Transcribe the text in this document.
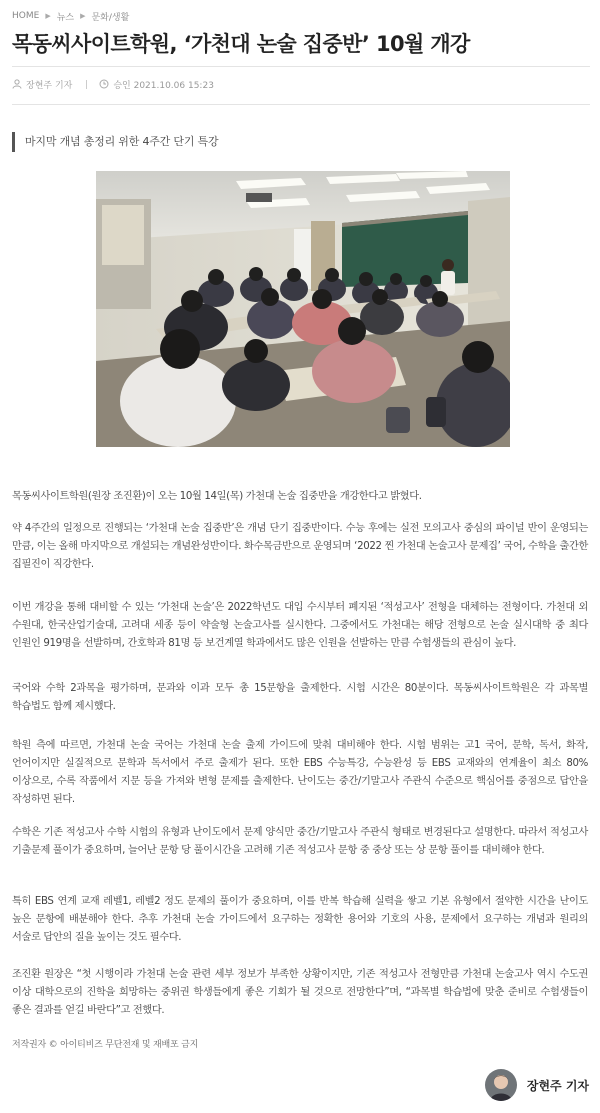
HOME ▶ 뉴스 ▶ 문화/생활
목동씨사이트학원, ‘가천대 논술 집중반’ 10월 개강
장현주 기자	승인 2021.10.06 15:23
마지막 개념 총정리 위한 4주간 단기 특강

목동씨사이트학원(원장 조진환)이 오는 10월 14일(목) 가천대 논술 집중반을 개강한다고 밝혔다.

약 4주간의 일정으로 진행되는 ‘가천대 논술 집중반’은 개념 단기 집중반이다. 수능 후에는 실전 모의고사 중심의 파이널 반이 운영되는 만큼, 이는 올해 마지막으로 개설되는 개념완성반이다. 화수목금반으로 운영되며 ‘2022 찐 가천대 논술고사 문제집’ 국어, 수학을 출간한 집필진이 직강한다.

이번 개강을 통해 대비할 수 있는 ‘가천대 논술’은 2022학년도 대입 수시부터 폐지된 ‘적성고사’ 전형을 대체하는 전형이다. 가천대 외 수원대, 한국산업기술대, 고려대 세종 등이 약술형 논술고사를 실시한다. 그중에서도 가천대는 해당 전형으로 논술 실시대학 중 최다 인원인 919명을 선발하며, 간호학과 81명 등 보건계열 학과에서도 많은 인원을 선발하는 만큼 수험생들의 관심이 높다.

국어와 수학 2과목을 평가하며, 문과와 이과 모두 총 15문항을 출제한다. 시험 시간은 80분이다. 목동씨사이트학원은 각 과목별 학습법도 함께 제시했다.

학원 측에 따르면, 가천대 논술 국어는 가천대 논술 출제 가이드에 맞춰 대비해야 한다. 시험 범위는 고1 국어, 문학, 독서, 화작, 언어이지만 실질적으로 문학과 독서에서 주로 출제가 된다. 또한 EBS 수능특강, 수능완성 등 EBS 교재와의 연계율이 최소 80% 이상으로, 수록 작품에서 지문 등을 가져와 변형 문제를 출제한다. 난이도는 중간/기말고사 주관식 수준으로 핵심어를 중점으로 답안을 작성하면 된다.

수학은 기존 적성고사 수학 시험의 유형과 난이도에서 문제 양식만 중간/기말고사 주관식 형태로 변경된다고 설명한다. 따라서 적성고사 기출문제 풀이가 중요하며, 늘어난 문항 당 풀이시간을 고려해 기존 적성고사 문항 중 중상 또는 상 문항 풀이를 대비해야 한다.

특히 EBS 연계 교재 레벨1, 레벨2 정도 문제의 풀이가 중요하며, 이를 반복 학습해 실력을 쌓고 기본 유형에서 절약한 시간을 난이도 높은 문항에 배분해야 한다. 추후 가천대 논술 가이드에서 요구하는 정확한 용어와 기호의 사용, 문제에서 요구하는 개념과 원리의 서술로 답안의 질을 높이는 것도 필수다.

조진환 원장은 “첫 시행이라 가천대 논술 관련 세부 정보가 부족한 상황이지만, 기존 적성고사 전형만큼 가천대 논술고사 역시 수도권 이상 대학으로의 진학을 희망하는 중위권 학생들에게 좋은 기회가 될 것으로 전망한다”며, “과목별 학습법에 맞춘 준비로 수험생들이 좋은 결과를 얻길 바란다”고 전했다.

저작권자 © 아이티비즈 무단전재 및 재배포 금지
장현주 기자
